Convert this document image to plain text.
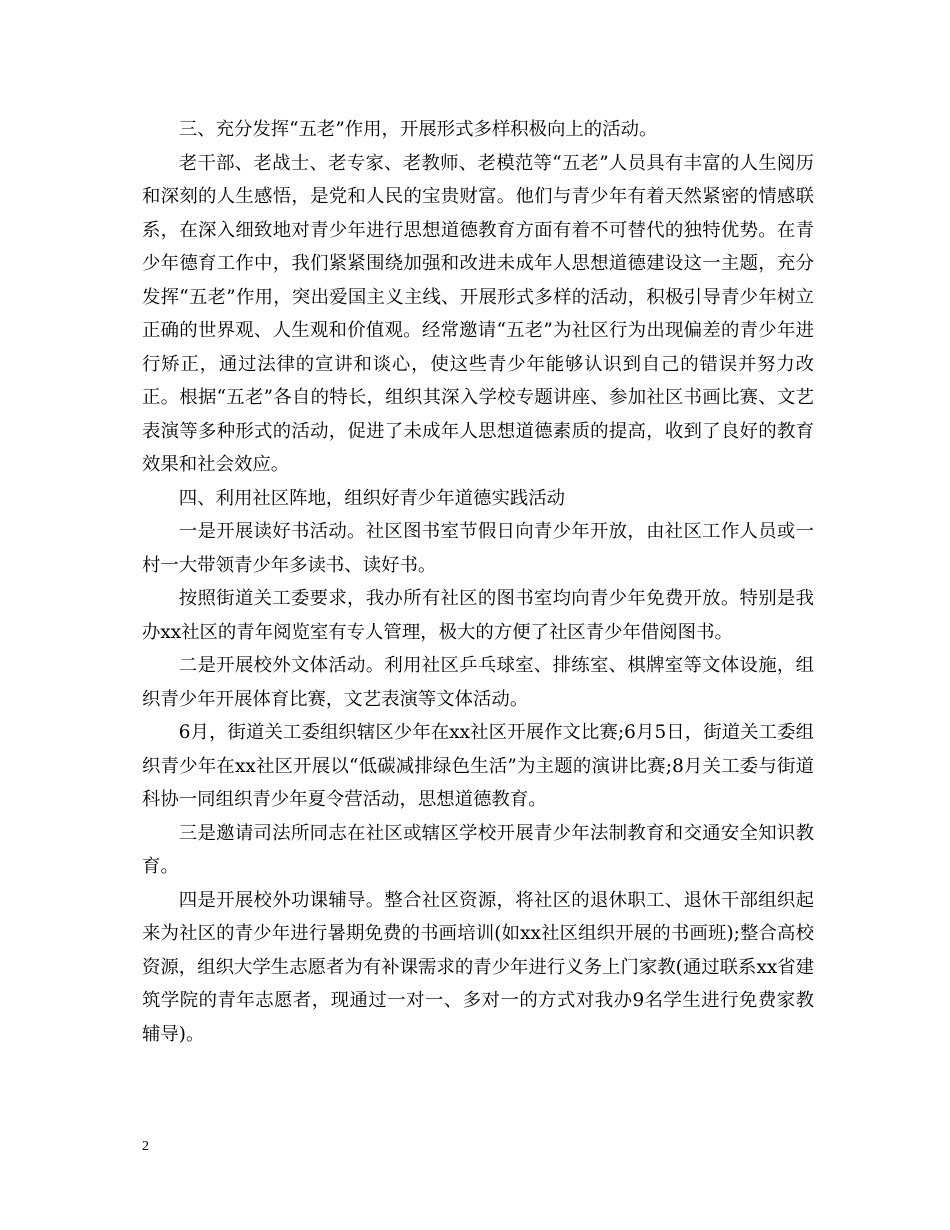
三、充分发挥“五老”作用，开展形式多样积极向上的活动。

老干部、老战士、老专家、老教师、老模范等“五老”人员具有丰富的人生阅历和深刻的人生感悟，是党和人民的宝贵财富。他们与青少年有着天然紧密的情感联系，在深入细致地对青少年进行思想道德教育方面有着不可替代的独特优势。在青少年德育工作中，我们紧紧围绕加强和改进未成年人思想道德建设这一主题，充分发挥“五老”作用，突出爱国主义主线、开展形式多样的活动，积极引导青少年树立正确的世界观、人生观和价值观。经常邀请“五老”为社区行为出现偏差的青少年进行矫正，通过法律的宣讲和谈心，使这些青少年能够认识到自己的错误并努力改正。根据“五老”各自的特长，组织其深入学校专题讲座、参加社区书画比赛、文艺表演等多种形式的活动，促进了未成年人思想道德素质的提高，收到了良好的教育效果和社会效应。

四、利用社区阵地，组织好青少年道德实践活动

一是开展读好书活动。社区图书室节假日向青少年开放，由社区工作人员或一村一大带领青少年多读书、读好书。

按照街道关工委要求，我办所有社区的图书室均向青少年免费开放。特别是我办xx社区的青年阅览室有专人管理，极大的方便了社区青少年借阅图书。

二是开展校外文体活动。利用社区乒乓球室、排练室、棋牌室等文体设施，组织青少年开展体育比赛，文艺表演等文体活动。

6月，街道关工委组织辖区少年在xx社区开展作文比赛;6月5日，街道关工委组织青少年在xx社区开展以“低碳减排绿色生活”为主题的演讲比赛;8月关工委与街道科协一同组织青少年夏令营活动，思想道德教育。

三是邀请司法所同志在社区或辖区学校开展青少年法制教育和交通安全知识教育。

四是开展校外功课辅导。整合社区资源，将社区的退休职工、退休干部组织起来为社区的青少年进行暑期免费的书画培训(如xx社区组织开展的书画班);整合高校资源，组织大学生志愿者为有补课需求的青少年进行义务上门家教(通过联系xx省建筑学院的青年志愿者，现通过一对一、多对一的方式对我办9名学生进行免费家教辅导)。

2
